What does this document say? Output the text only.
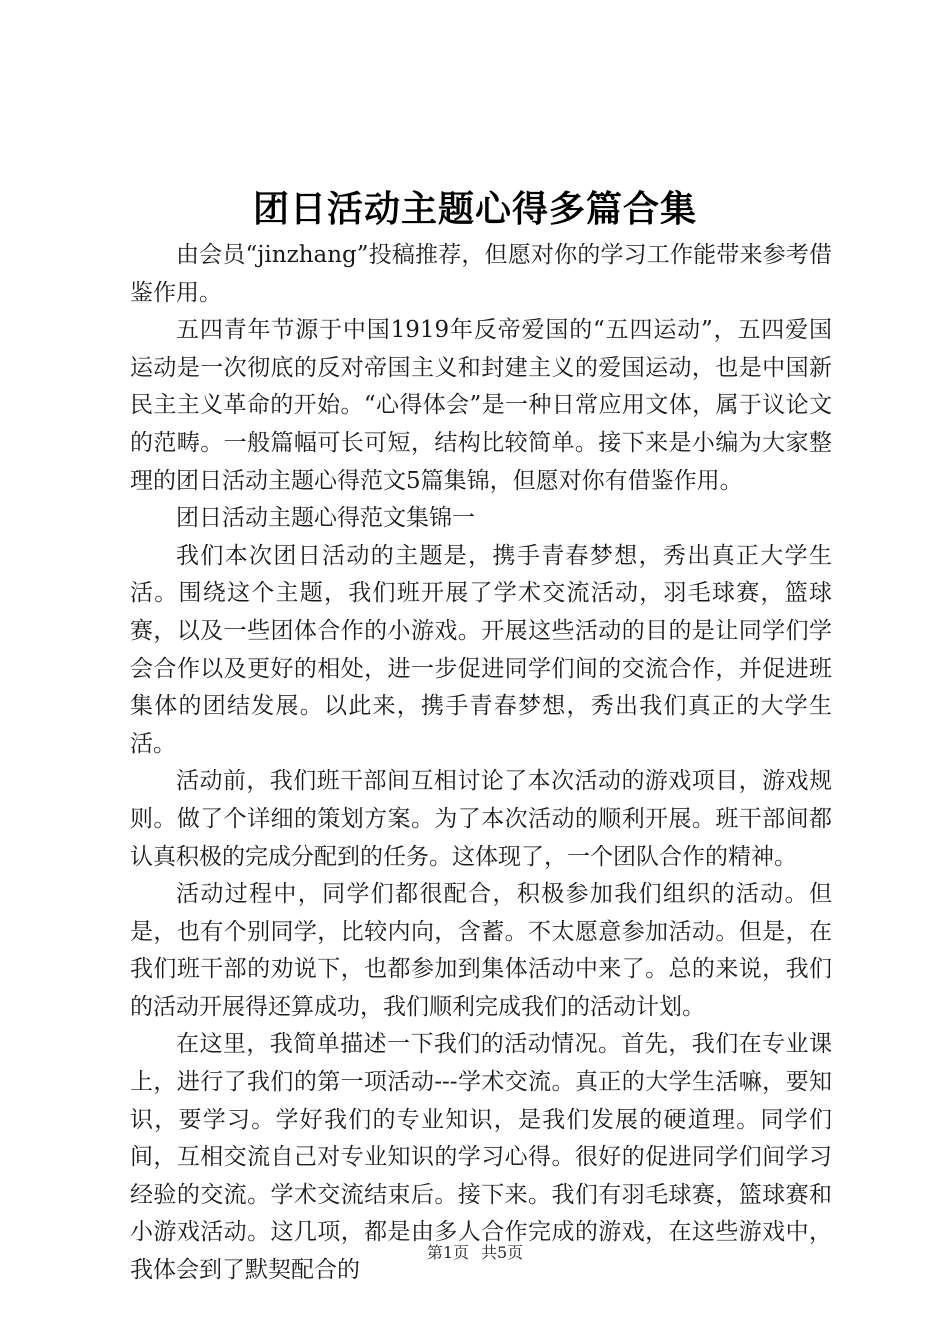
团日活动主题心得多篇合集

由会员“jinzhang”投稿推荐，但愿对你的学习工作能带来参考借鉴作用。

五四青年节源于中国1919年反帝爱国的“五四运动”，五四爱国运动是一次彻底的反对帝国主义和封建主义的爱国运动，也是中国新民主主义革命的开始。“心得体会”是一种日常应用文体，属于议论文的范畴。一般篇幅可长可短，结构比较简单。接下来是小编为大家整理的团日活动主题心得范文5篇集锦，但愿对你有借鉴作用。

团日活动主题心得范文集锦一

我们本次团日活动的主题是，携手青春梦想，秀出真正大学生活。围绕这个主题，我们班开展了学术交流活动，羽毛球赛，篮球赛，以及一些团体合作的小游戏。开展这些活动的目的是让同学们学会合作以及更好的相处，进一步促进同学们间的交流合作，并促进班集体的团结发展。以此来，携手青春梦想，秀出我们真正的大学生活。

活动前，我们班干部间互相讨论了本次活动的游戏项目，游戏规则。做了个详细的策划方案。为了本次活动的顺利开展。班干部间都认真积极的完成分配到的任务。这体现了，一个团队合作的精神。

活动过程中，同学们都很配合，积极参加我们组织的活动。但是，也有个别同学，比较内向，含蓄。不太愿意参加活动。但是，在我们班干部的劝说下，也都参加到集体活动中来了。总的来说，我们的活动开展得还算成功，我们顺利完成我们的活动计划。

在这里，我简单描述一下我们的活动情况。首先，我们在专业课上，进行了我们的第一项活动---学术交流。真正的大学生活嘛，要知识，要学习。学好我们的专业知识，是我们发展的硬道理。同学们间，互相交流自己对专业知识的学习心得。很好的促进同学们间学习经验的交流。学术交流结束后。接下来。我们有羽毛球赛，篮球赛和小游戏活动。这几项，都是由多人合作完成的游戏，在这些游戏中，我体会到了默契配合的

第1页 共5页
